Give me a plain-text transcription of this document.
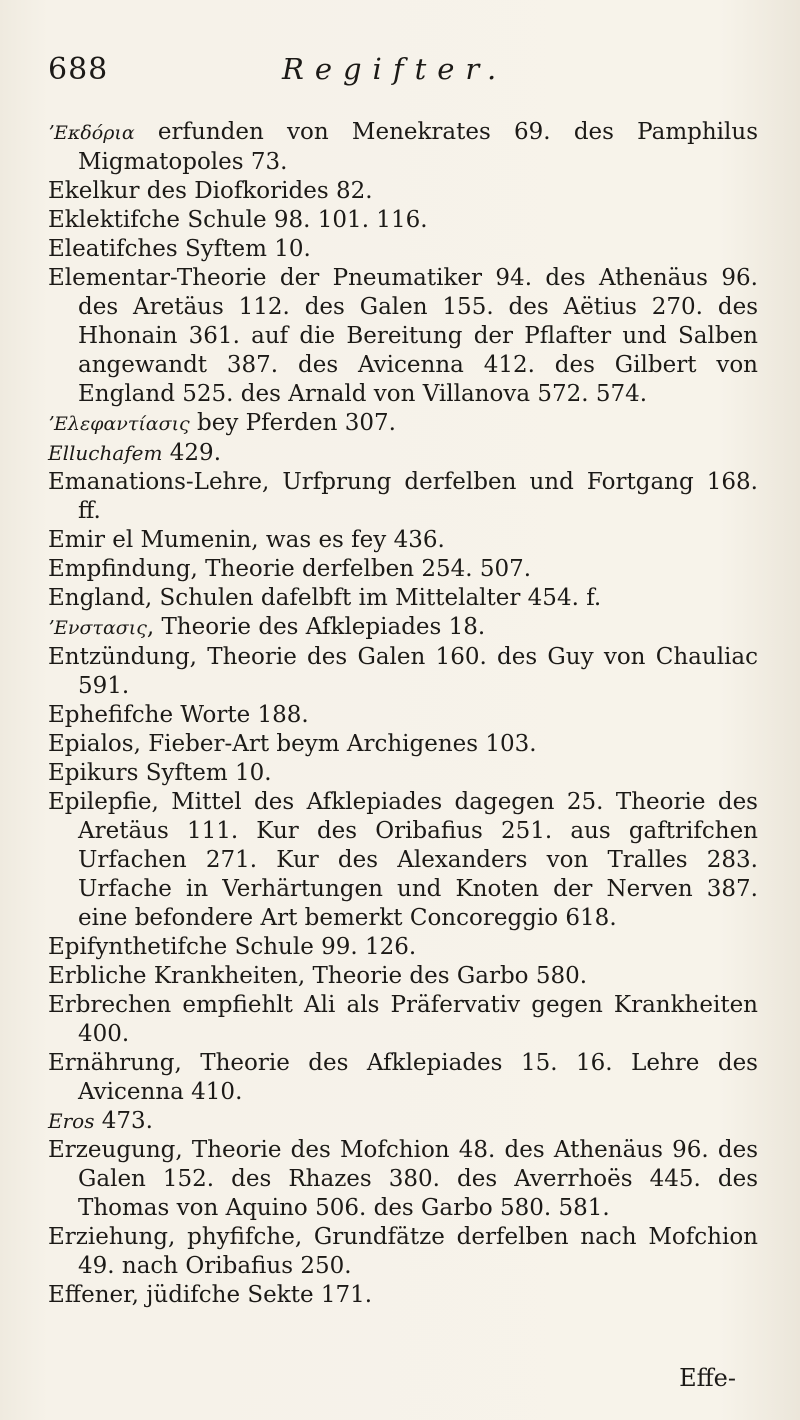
688	Regifter.
ʼΕκδόρια erfunden von Menekrates 69. des Pamphilus Migmatopoles 73.
Ekelkur des Diofkorides 82.
Eklektifche Schule 98. 101. 116.
Eleatifches Syftem 10.
Elementar-Theorie der Pneumatiker 94. des Athenäus 96. des Aretäus 112. des Galen 155. des Aëtius 270. des Hhonain 361. auf die Bereitung der Pflafter und Salben angewandt 387. des Avicenna 412. des Gilbert von England 525. des Arnald von Villanova 572. 574.
ʼΕλεφαντίασις bey Pferden 307.
Elluchafem 429.
Emanations-Lehre, Urfprung derfelben und Fortgang 168. ff.
Emir el Mumenin, was es fey 436.
Empfindung, Theorie derfelben 254. 507.
England, Schulen dafelbft im Mittelalter 454. f.
ʼΕνστασις, Theorie des Afklepiades 18.
Entzündung, Theorie des Galen 160. des Guy von Chauliac 591.
Ephefifche Worte 188.
Epialos, Fieber-Art beym Archigenes 103.
Epikurs Syftem 10.
Epilepfie, Mittel des Afklepiades dagegen 25. Theorie des Aretäus 111. Kur des Oribafius 251. aus gaftrifchen Urfachen 271. Kur des Alexanders von Tralles 283. Urfache in Verhärtungen und Knoten der Nerven 387. eine befondere Art bemerkt Concoreggio 618.
Epifynthetifche Schule 99. 126.
Erbliche Krankheiten, Theorie des Garbo 580.
Erbrechen empfiehlt Ali als Präfervativ gegen Krankheiten 400.
Ernährung, Theorie des Afklepiades 15. 16. Lehre des Avicenna 410.
Eros 473.
Erzeugung, Theorie des Mofchion 48. des Athenäus 96. des Galen 152. des Rhazes 380. des Averrhoës 445. des Thomas von Aquino 506. des Garbo 580. 581.
Erziehung, phyfifche, Grundfätze derfelben nach Mofchion 49. nach Oribafius 250.
Effener, jüdifche Sekte 171.
Effe-
